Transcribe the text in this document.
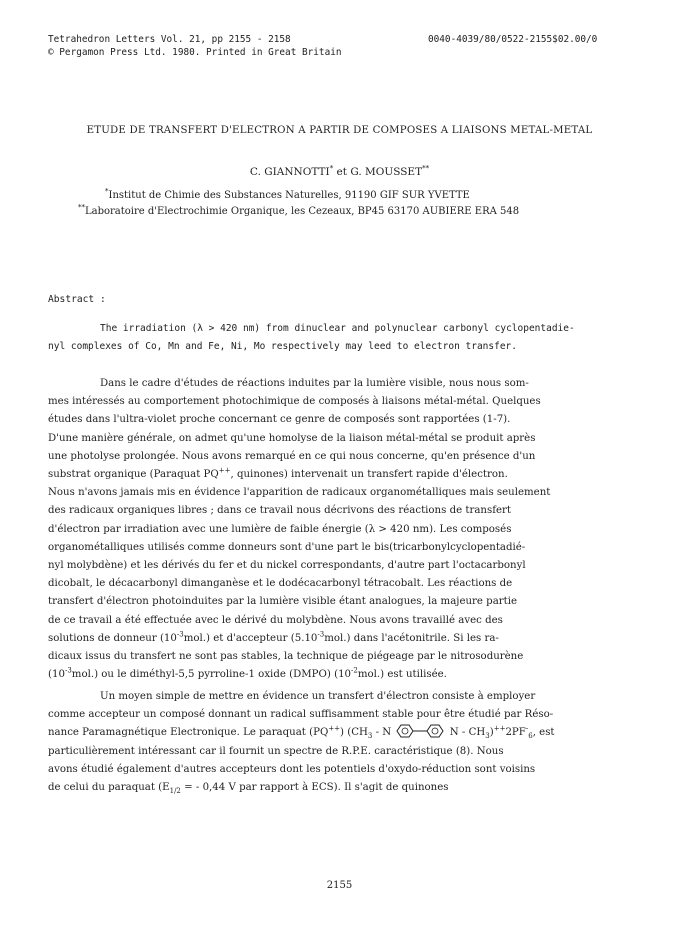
Tetrahedron Letters Vol. 21, pp 2155 - 2158
© Pergamon Press Ltd. 1980. Printed in Great Britain
0040-4039/80/0522-2155$02.00/0
ETUDE DE TRANSFERT D'ELECTRON A PARTIR DE COMPOSES A LIAISONS METAL-METAL
C. GIANNOTTI* et G. MOUSSET**
*Institut de Chimie des Substances Naturelles, 91190 GIF SUR YVETTE
**Laboratoire d'Electrochimie Organique, les Cezeaux, BP45 63170 AUBIERE ERA 548
Abstract :
The irradiation (λ > 420 nm) from dinuclear and polynuclear carbonyl cyclopentadie-
nyl complexes of Co, Mn and Fe, Ni, Mo respectively may leed to electron transfer.
Dans le cadre d'études de réactions induites par la lumière visible, nous nous som-
mes intéressés au comportement photochimique de composés à liaisons métal-métal. Quelques
études dans l'ultra-violet proche concernant ce genre de composés sont rapportées (1-7).
D'une manière générale, on admet qu'une homolyse de la liaison métal-métal se produit après
une photolyse prolongée. Nous avons remarqué en ce qui nous concerne, qu'en présence d'un
substrat organique (Paraquat PQ++, quinones) intervenait un transfert rapide d'électron.
Nous n'avons jamais mis en évidence l'apparition de radicaux organométalliques mais seulement
des radicaux organiques libres ; dans ce travail nous décrivons des réactions de transfert
d'électron par irradiation avec une lumière de faible énergie (λ > 420 nm). Les composés
organométalliques utilisés comme donneurs sont d'une part le bis(tricarbonylcyclopentadié-
nyl molybdène) et les dérivés du fer et du nickel correspondants, d'autre part l'octacarbonyl
dicobalt, le décacarbonyl dimanganèse et le dodécacarbonyl tétracobalt. Les réactions de
transfert d'électron photoinduites par la lumière visible étant analogues, la majeure partie
de ce travail a été effectuée avec le dérivé du molybdène. Nous avons travaillé avec des
solutions de donneur $(10^{-3}mol.)$ et d'accepteur $(5.10^{-3}mol.)$ dans l'acétonitrile. Si les ra-
dicaux issus du transfert ne sont pas stables, la technique de piégeage par le nitrosodurène
$(10^{-3}mol.)$ ou le diméthyl-5,5 pyrroline-1 oxide (DMPO) $(10^{-2}mol.)$ est utilisée.
Un moyen simple de mettre en évidence un transfert d'électron consiste à employer
comme accepteur un composé donnant un radical suffisamment stable pour être étudié par Réso-
nance Paramagnétique Electronique. Le paraquat (PQ++) ($CH_3$ - N	N - $CH_3)^{++}2PF^-_6$, est
particulièrement intéressant car il fournit un spectre de R.P.E. caractéristique (8). Nous
avons étudié également d'autres accepteurs dont les potentiels d'oxydo-réduction sont voisins
de celui du paraquat ($E_{1/2}$ = - 0,44 V par rapport à ECS). Il s'agit de quinones
2155
